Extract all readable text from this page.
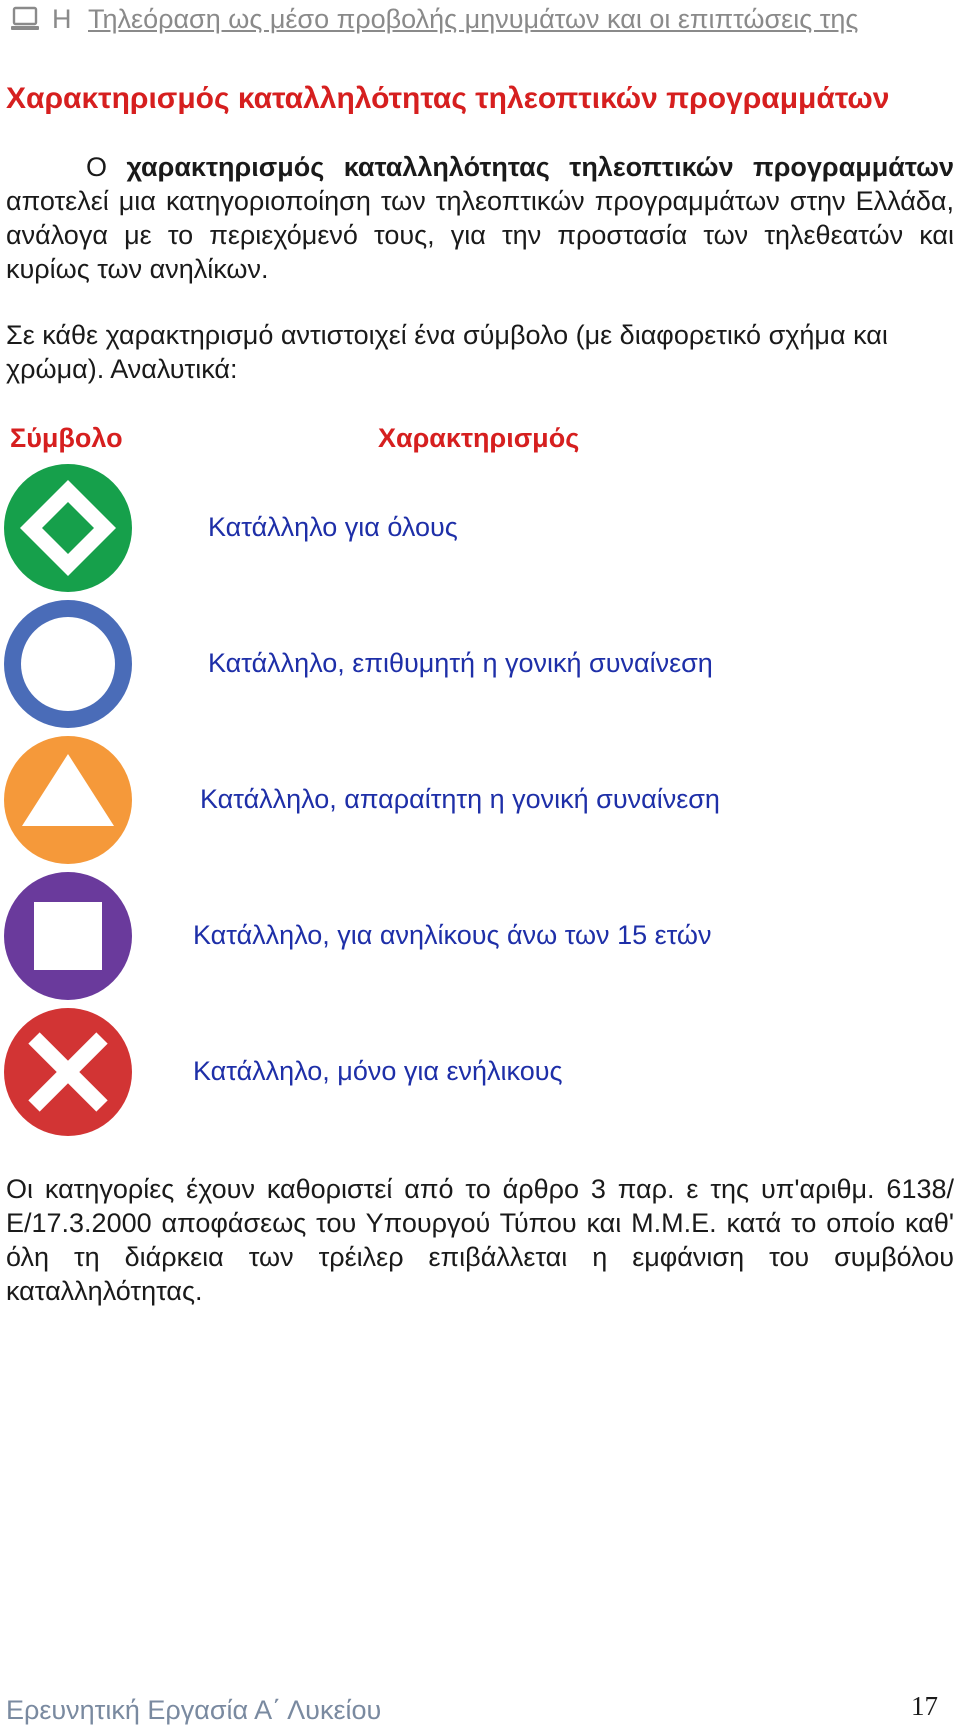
Η Τηλεόραση ως μέσο προβολής μηνυμάτων και οι επιπτώσεις της
Χαρακτηρισμός καταλληλότητας τηλεοπτικών προγραμμάτων

Ο χαρακτηρισμός καταλληλότητας τηλεοπτικών προγραμμάτων αποτελεί μια κατηγοριοποίηση των τηλεοπτικών προγραμμάτων στην Ελλάδα, ανάλογα με το περιεχόμενό τους, για την προστασία των τηλεθεατών και κυρίως των ανηλίκων.

Σε κάθε χαρακτηρισμό αντιστοιχεί ένα σύμβολο (με διαφορετικό σχήμα και χρώμα). Αναλυτικά:

Σύμβολο	Χαρακτηρισμός
Κατάλληλο για όλους
Κατάλληλο, επιθυμητή η γονική συναίνεση
Κατάλληλο, απαραίτητη η γονική συναίνεση
Κατάλληλο, για ανηλίκους άνω των 15 ετών
Κατάλληλο, μόνο για ενήλικους

Οι κατηγορίες έχουν καθοριστεί από το άρθρο 3 παρ. ε της υπ'αριθμ. 6138/Ε/17.3.2000 αποφάσεως του Υπουργού Τύπου και Μ.Μ.Ε. κατά το οποίο καθ' όλη τη διάρκεια των τρέιλερ επιβάλλεται η εμφάνιση του συμβόλου καταλληλότητας.

Ερευνητική Εργασία Α΄ Λυκείου	17
